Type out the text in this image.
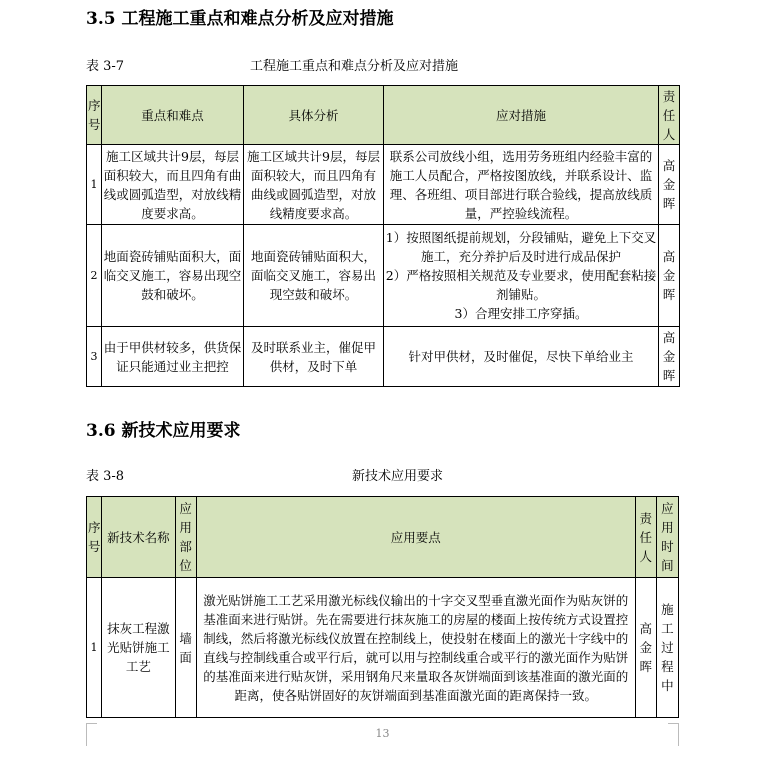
3.5 工程施工重点和难点分析及应对措施
表 3-7	工程施工重点和难点分析及应对措施
序号	重点和难点	具体分析	应对措施	责任人
1	施工区域共计9层，每层面积较大，而且四角有曲线或圆弧造型，对放线精度要求高。	施工区域共计9层，每层面积较大，而且四角有曲线或圆弧造型，对放线精度要求高。	联系公司放线小组，选用劳务班组内经验丰富的施工人员配合，严格按图放线，并联系设计、监理、各班组、项目部进行联合验线，提高放线质量，严控验线流程。	高金晖
2	地面瓷砖铺贴面积大，面临交叉施工，容易出现空鼓和破坏。	地面瓷砖铺贴面积大，面临交叉施工，容易出现空鼓和破坏。	1）按照图纸提前规划，分段铺贴，避免上下交叉施工，充分养护后及时进行成品保护
2）严格按照相关规范及专业要求，使用配套粘接剂铺贴。
3）合理安排工序穿插。	高金晖
3	由于甲供材较多，供货保证只能通过业主把控	及时联系业主，催促甲供材，及时下单	针对甲供材，及时催促，尽快下单给业主	高金晖
3.6 新技术应用要求
表 3-8	新技术应用要求
序号	新技术名称	应用部位	应用要点	责任人	应用时间
1	抹灰工程激光贴饼施工工艺	墙面	激光贴饼施工工艺采用激光标线仪输出的十字交叉型垂直激光面作为贴灰饼的基准面来进行贴饼。先在需要进行抹灰施工的房屋的楼面上按传统方式设置控制线，然后将激光标线仪放置在控制线上，使投射在楼面上的激光十字线中的直线与控制线重合或平行后，就可以用与控制线重合或平行的激光面作为贴饼的基准面来进行贴灰饼，采用钢角尺来量取各灰饼端面到该基准面的激光面的距离，使各贴饼固好的灰饼端面到基准面激光面的距离保持一致。	高金晖	施工过程中
13
